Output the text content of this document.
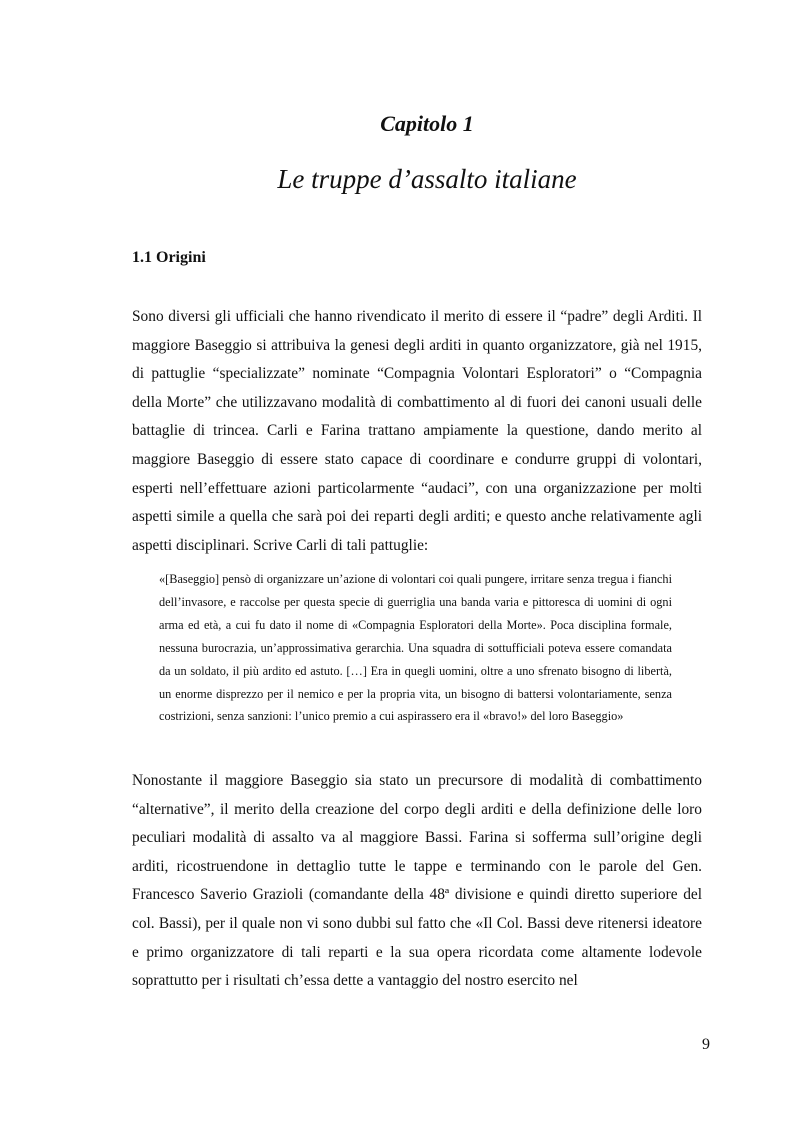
Capitolo 1
Le truppe d’assalto italiane
1.1 Origini

Sono diversi gli ufficiali che hanno rivendicato il merito di essere il “padre” degli Arditi. Il maggiore Baseggio si attribuiva la genesi degli arditi in quanto organizzatore, già nel 1915, di pattuglie “specializzate” nominate “Compagnia Volontari Esploratori” o “Compagnia della Morte” che utilizzavano modalità di combattimento al di fuori dei canoni usuali delle battaglie di trincea. Carli e Farina trattano ampiamente la questione, dando merito al maggiore Baseggio di essere stato capace di coordinare e condurre gruppi di volontari, esperti nell’effettuare azioni particolarmente “audaci”, con una organizzazione per molti aspetti simile a quella che sarà poi dei reparti degli arditi; e questo anche relativamente agli aspetti disciplinari. Scrive Carli di tali pattuglie:

«[Baseggio] pensò di organizzare un’azione di volontari coi quali pungere, irritare senza tregua i fianchi dell’invasore, e raccolse per questa specie di guerriglia una banda varia e pittoresca di uomini di ogni arma ed età, a cui fu dato il nome di «Compagnia Esploratori della Morte». Poca disciplina formale, nessuna burocrazia, un’approssimativa gerarchia. Una squadra di sottufficiali poteva essere comandata da un soldato, il più ardito ed astuto. […] Era in quegli uomini, oltre a uno sfrenato bisogno di libertà, un enorme disprezzo per il nemico e per la propria vita, un bisogno di battersi volontariamente, senza costrizioni, senza sanzioni: l’unico premio a cui aspirassero era il «bravo!» del loro Baseggio»

Nonostante il maggiore Baseggio sia stato un precursore di modalità di combattimento “alternative”, il merito della creazione del corpo degli arditi e della definizione delle loro peculiari modalità di assalto va al maggiore Bassi. Farina si sofferma sull’origine degli arditi, ricostruendone in dettaglio tutte le tappe e terminando con le parole del Gen. Francesco Saverio Grazioli (comandante della 48ª divisione e quindi diretto superiore del col. Bassi), per il quale non vi sono dubbi sul fatto che «Il Col. Bassi deve ritenersi ideatore e primo organizzatore di tali reparti e la sua opera ricordata come altamente lodevole soprattutto per i risultati ch’essa dette a vantaggio del nostro esercito nel

9
